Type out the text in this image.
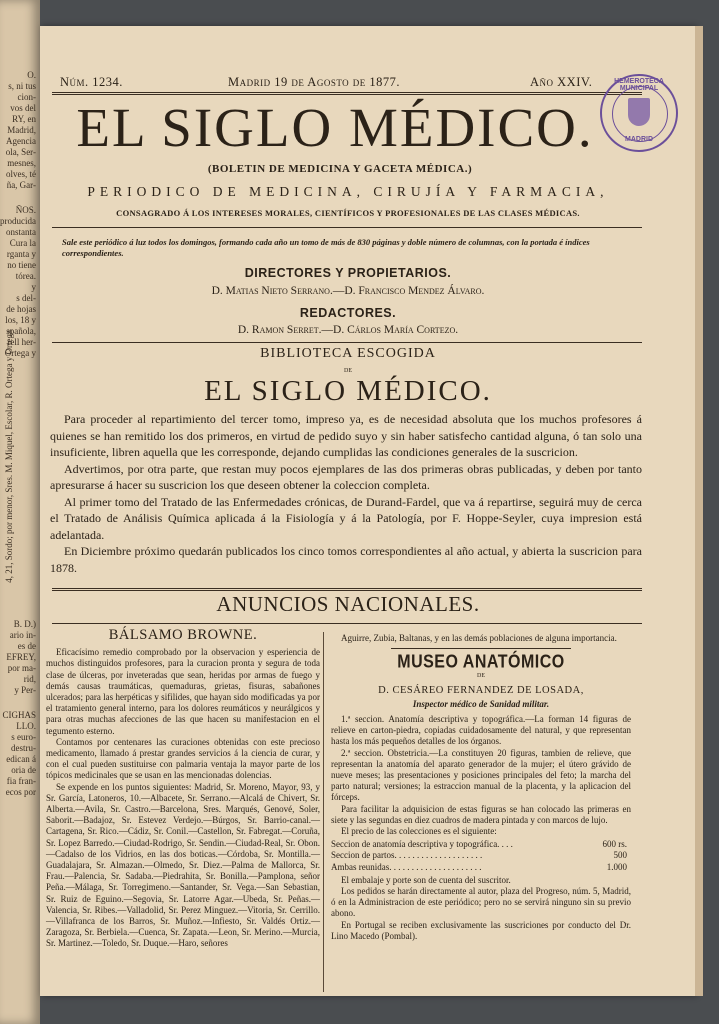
O.
s, ni tus
cion-
vos del
RY, en
Madrid,
Agencia
ola, Ser-
mesnes,
olves, té
ña, Gar-
ÑOS.
producida
onstanta
Cura la
rganta y
no tiene
tórea.
y
s del-
de hojas
los, 18 y
spañola,
rell her-
Ortega y
B. D.)
ario in-
es de
EFREY,
por ma-
rid,
y Per-
CIGHAS
LLO.
s euro-
destru-
edican á
oria de
fia fran-
ecos por
4, 21, Sordo; por menor, Sres. M. Miquel, Escolar, R. Ortega y Ortega
Núm. 1234.	Madrid 19 de Agosto de 1877.	Año XXIV.	HEMEROTECA MUNICIPAL
MADRID
EL SIGLO MÉDICO.
(BOLETIN DE MEDICINA Y GACETA MÉDICA.)
PERIODICO DE MEDICINA, CIRUJÍA Y FARMACIA,
CONSAGRADO Á LOS INTERESES MORALES, CIENTÍFICOS Y PROFESIONALES DE LAS CLASES MÉDICAS.
Sale este periódico á luz todos los domingos, formando cada año un tomo de más de 830 páginas y doble número de columnas, con la portada é índices correspondientes.
DIRECTORES Y PROPIETARIOS.
D. Matias Nieto Serrano.—D. Francisco Mendez Álvaro.
REDACTORES.
D. Ramon Serret.—D. Cárlos María Cortezo.
BIBLIOTECA ESCOGIDA
DE
EL SIGLO MÉDICO.

Para proceder al repartimiento del tercer tomo, impreso ya, es de necesidad absoluta que los muchos profesores á quienes se han remitido los dos primeros, en virtud de pedido suyo y sin haber satisfecho cantidad alguna, ó tan solo una insuficiente, libren aquella que les corresponde, dejando cumplidas las condiciones generales de la suscricion.

Advertimos, por otra parte, que restan muy pocos ejemplares de las dos primeras obras publicadas, y deben por tanto apresurarse á hacer su suscricion los que deseen obtener la coleccion completa.

Al primer tomo del Tratado de las Enfermedades crónicas, de Durand-Fardel, que va á repartirse, seguirá muy de cerca el Tratado de Análisis Química aplicada á la Fisiología y á la Patología, por F. Hoppe-Seyler, cuya impresion está adelantada.

En Diciembre próximo quedarán publicados los cinco tomos correspondientes al año actual, y abierta la suscricion para 1878.

ANUNCIOS NACIONALES.
BÁLSAMO BROWNE.

Eficacísimo remedio comprobado por la observacion y esperiencia de muchos distinguidos profesores, para la curacion pronta y segura de toda clase de úlceras, por inveteradas que sean, heridas por armas de fuego y demás causas traumáticas, quemaduras, grietas, fisuras, sabañones ulcerados; para las herpéticas y sifilides, que hayan sido modificadas ya por el tratamiento general interno, para los dolores reumáticos y neurálgicos y para otras muchas afecciones de las que hacen su manifestacion en el tegumento esterno.

Contamos por centenares las curaciones obtenidas con este precioso medicamento, llamado á prestar grandes servicios á la ciencia de curar, y con el cual pueden sustituirse con palmaria ventaja la mayor parte de los tópicos medicinales que se usan en las mencionadas dolencias.

Se expende en los puntos siguientes: Madrid, Sr. Moreno, Mayor, 93, y Sr. García, Latoneros, 10.—Albacete, Sr. Serrano.—Alcalá de Chivert, Sr. Alberta.—Avila, Sr. Castro.—Barcelona, Sres. Marqués, Genové, Soler, Saborit.—Badajoz, Sr. Estevez Verdejo.—Búrgos, Sr. Barrio-canal.—Cartagena, Sr. Rico.—Cádiz, Sr. Conil.—Castellon, Sr. Fabregat.—Coruña, Sr. Lopez Barredo.—Ciudad-Rodrigo, Sr. Sendin.—Ciudad-Real, Sr. Obon.—Cadalso de los Vidrios, en las dos boticas.—Córdoba, Sr. Montilla.—Guadalajara, Sr. Almazan.—Olmedo, Sr. Diez.—Palma de Mallorca, Sr. Frau.—Palencia, Sr. Sadaba.—Piedrahita, Sr. Bonilla.—Pamplona, señor Peña.—Málaga, Sr. Torregimeno.—Santander, Sr. Vega.—San Sebastian, Sr. Ruiz de Eguino.—Segovia, Sr. Latorre Agar.—Ubeda, Sr. Peñas.—Valencia, Sr. Ribes.—Valladolid, Sr. Perez Minguez.—Vitoria, Sr. Cerrillo.—Villafranca de los Barros, Sr. Muñoz.—Infiesto, Sr. Valdés Ortiz.—Zaragoza, Sr. Berbiela.—Cuenca, Sr. Zapata.—Leon, Sr. Merino.—Murcia, Sr. Martinez.—Toledo, Sr. Duque.—Haro, señores

Aguirre, Zubia, Baltanas, y en las demás poblaciones de alguna importancia.

MUSEO ANATÓMICO
DE
D. CESÁREO FERNANDEZ DE LOSADA,
Inspector médico de Sanidad militar.

1.ª seccion. Anatomía descriptiva y topográfica.—La forman 14 figuras de relieve en carton-piedra, copiadas cuidadosamente del natural, y que representan hasta los más pequeños detalles de los órganos.

2.ª seccion. Obstetricia.—La constituyen 20 figuras, tambien de relieve, que representan la anatomía del aparato generador de la mujer; el útero grávido de nueve meses; las presentaciones y posiciones principales del feto; la marcha del parto natural; versiones; la estraccion manual de la placenta, y la aplicacion del fórceps.

Para facilitar la adquisicion de estas figuras se han colocado las primeras en siete y las segundas en diez cuadros de madera pintada y con marcos de lujo.

El precio de las colecciones es el siguiente:

Seccion de anatomía descriptiva y topográfica. . . .	600 rs.
Seccion de partos. . . . . . . . . . . . . . . . . . . .	500
Ambas reunidas. . . . . . . . . . . . . . . . . . . . .	1.000

El embalaje y porte son de cuenta del suscritor.

Los pedidos se harán directamente al autor, plaza del Progreso, núm. 5, Madrid, ó en la Administracion de este periódico; pero no se servirá ninguno sin su previo abono.

En Portugal se reciben exclusivamente las suscriciones por conducto del Dr. Lino Macedo (Pombal).
